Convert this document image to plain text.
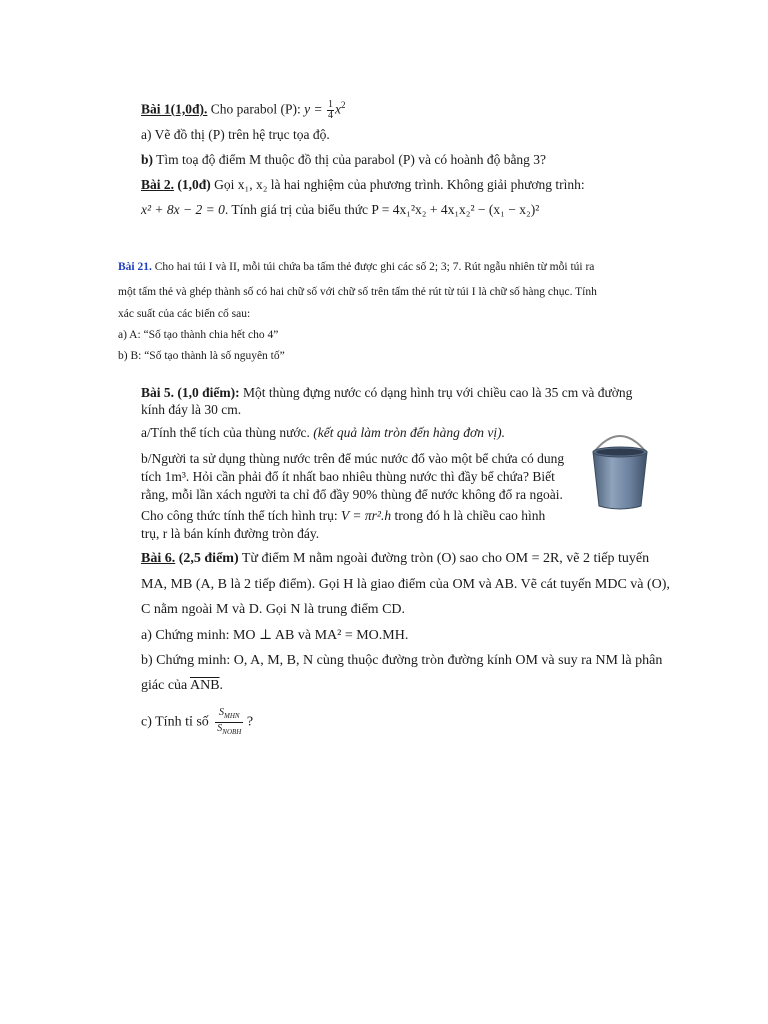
Bài 1(1,0đ). Cho parabol (P): $y = \frac{1}{4} x^2$
a) Vẽ đồ thị (P) trên hệ trục tọa độ.
b) Tìm toạ độ điểm M thuộc đồ thị của parabol (P) và có hoành độ bằng 3?
Bài 2. (1,0đ) Gọi x₁, x₂ là hai nghiệm của phương trình. Không giải phương trình:
x² + 8x − 2 = 0. Tính giá trị của biểu thức P = 4x₁²x₂ + 4x₁x₂² − (x₁ − x₂)²
Bài 21. Cho hai túi I và II, mỗi túi chứa ba tấm thẻ được ghi các số 2; 3; 7. Rút ngẫu nhiên từ mỗi túi ra
một tấm thẻ và ghép thành số có hai chữ số với chữ số trên tấm thẻ rút từ túi I là chữ số hàng chục. Tính
xác suất của các biến cố sau:
a) A: “Số tạo thành chia hết cho 4”
b) B: “Số tạo thành là số nguyên tố”
Bài 5. (1,0 điểm): Một thùng đựng nước có dạng hình trụ với chiều cao là 35 cm và đường
kính đáy là 30 cm.
a/Tính thể tích của thùng nước. (kết quả làm tròn đến hàng đơn vị).
b/Người ta sử dụng thùng nước trên để múc nước đổ vào một bể chứa có dung
tích 1m³. Hỏi cần phải đổ ít nhất bao nhiêu thùng nước thì đầy bể chứa? Biết
rằng, mỗi lần xách người ta chỉ đổ đầy 90% thùng để nước không đổ ra ngoài.
Cho công thức tính thể tích hình trụ: V = πr².h trong đó h là chiều cao hình
trụ, r là bán kính đường tròn đáy.
Bài 6. (2,5 điểm) Từ điểm M nằm ngoài đường tròn (O) sao cho OM = 2R, vẽ 2 tiếp tuyến
MA, MB (A, B là 2 tiếp điểm). Gọi H là giao điểm của OM và AB. Vẽ cát tuyến MDC và (O),
C nằm ngoài M và D. Gọi N là trung điểm CD.
a) Chứng minh: MO ⊥ AB và MA² = MO.MH.
b) Chứng minh: O, A, M, B, N cùng thuộc đường tròn đường kính OM và suy ra NM là phân
giác của $\overline{ANB}$.
c) Tính tỉ số $\frac{S_{MHN}}{S_{NOBH}}$ ?
